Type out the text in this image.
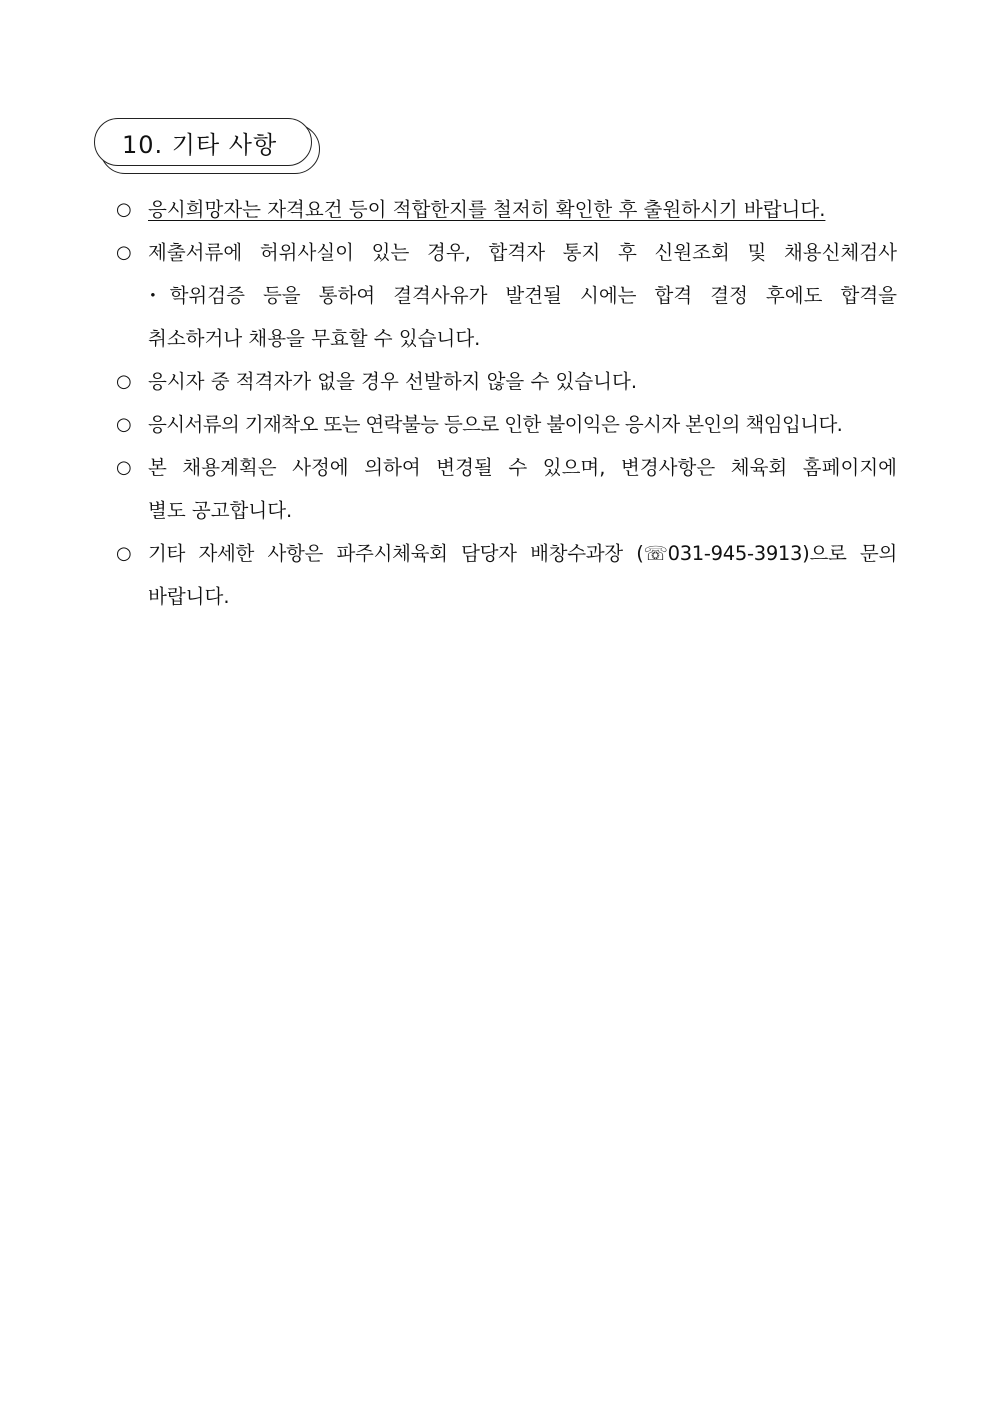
10. 기타 사항
○ 응시희망자는 자격요건 등이 적합한지를 철저히 확인한 후 출원하시기 바랍니다.
○ 제출서류에 허위사실이 있는 경우, 합격자 통지 후 신원조회 및 채용신체검사
･학위검증 등을 통하여 결격사유가 발견될 시에는 합격 결정 후에도 합격을
취소하거나 채용을 무효할 수 있습니다.
○ 응시자 중 적격자가 없을 경우 선발하지 않을 수 있습니다.
○ 응시서류의 기재착오 또는 연락불능 등으로 인한 불이익은 응시자 본인의 책임입니다.
○ 본 채용계획은 사정에 의하여 변경될 수 있으며, 변경사항은 체육회 홈페이지에
별도 공고합니다.
○ 기타 자세한 사항은 파주시체육회 담당자 배창수과장 (☏031-945-3913)으로 문의
바랍니다.
